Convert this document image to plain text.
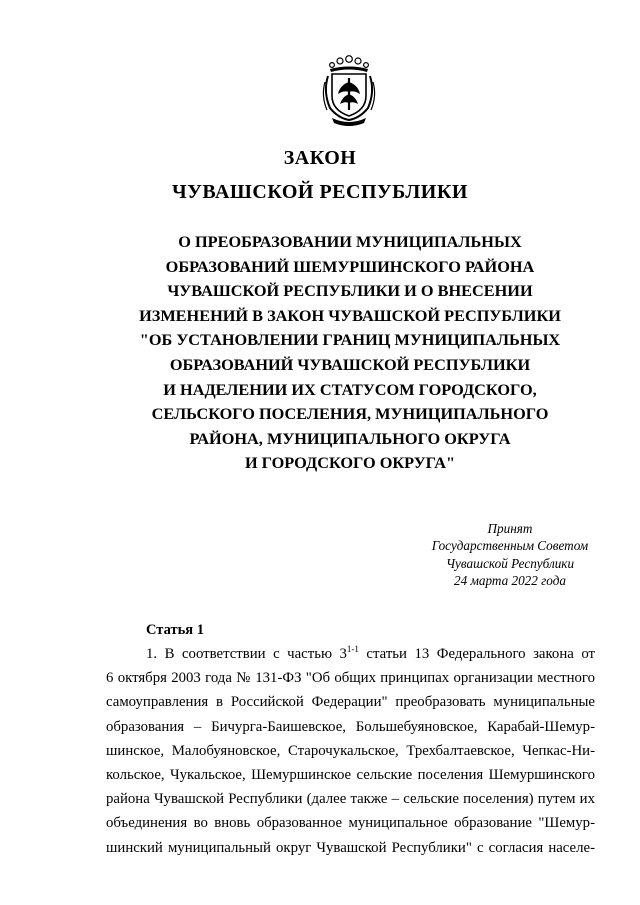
ЗАКОН
ЧУВАШСКОЙ РЕСПУБЛИКИ
О ПРЕОБРАЗОВАНИИ МУНИЦИПАЛЬНЫХ
ОБРАЗОВАНИЙ ШЕМУРШИНСКОГО РАЙОНА
ЧУВАШСКОЙ РЕСПУБЛИКИ И О ВНЕСЕНИИ
ИЗМЕНЕНИЙ В ЗАКОН ЧУВАШСКОЙ РЕСПУБЛИКИ
"ОБ УСТАНОВЛЕНИИ ГРАНИЦ МУНИЦИПАЛЬНЫХ
ОБРАЗОВАНИЙ ЧУВАШСКОЙ РЕСПУБЛИКИ
И НАДЕЛЕНИИ ИХ СТАТУСОМ ГОРОДСКОГО,
СЕЛЬСКОГО ПОСЕЛЕНИЯ, МУНИЦИПАЛЬНОГО
РАЙОНА, МУНИЦИПАЛЬНОГО ОКРУГА
И ГОРОДСКОГО ОКРУГА"
Принят
Государственным Советом
Чувашской Республики
24 марта 2022 года
Статья 1
1. В соответствии с частью 3$^{1-1}$ статьи 13 Федерального закона от
6 октября 2003 года № 131-ФЗ "Об общих принципах организации местного
самоуправления в Российской Федерации" преобразовать муниципальные
образования – Бичурга-Баишевское, Большебуяновское, Карабай-Шемур-
шинское, Малобуяновское, Старочукальское, Трехбалтаевское, Чепкас-Ни-
кольское, Чукальское, Шемуршинское сельские поселения Шемуршинского
района Чувашской Республики (далее также – сельские поселения) путем их
объединения во вновь образованное муниципальное образование "Шемур-
шинский муниципальный округ Чувашской Республики" с согласия населе-
